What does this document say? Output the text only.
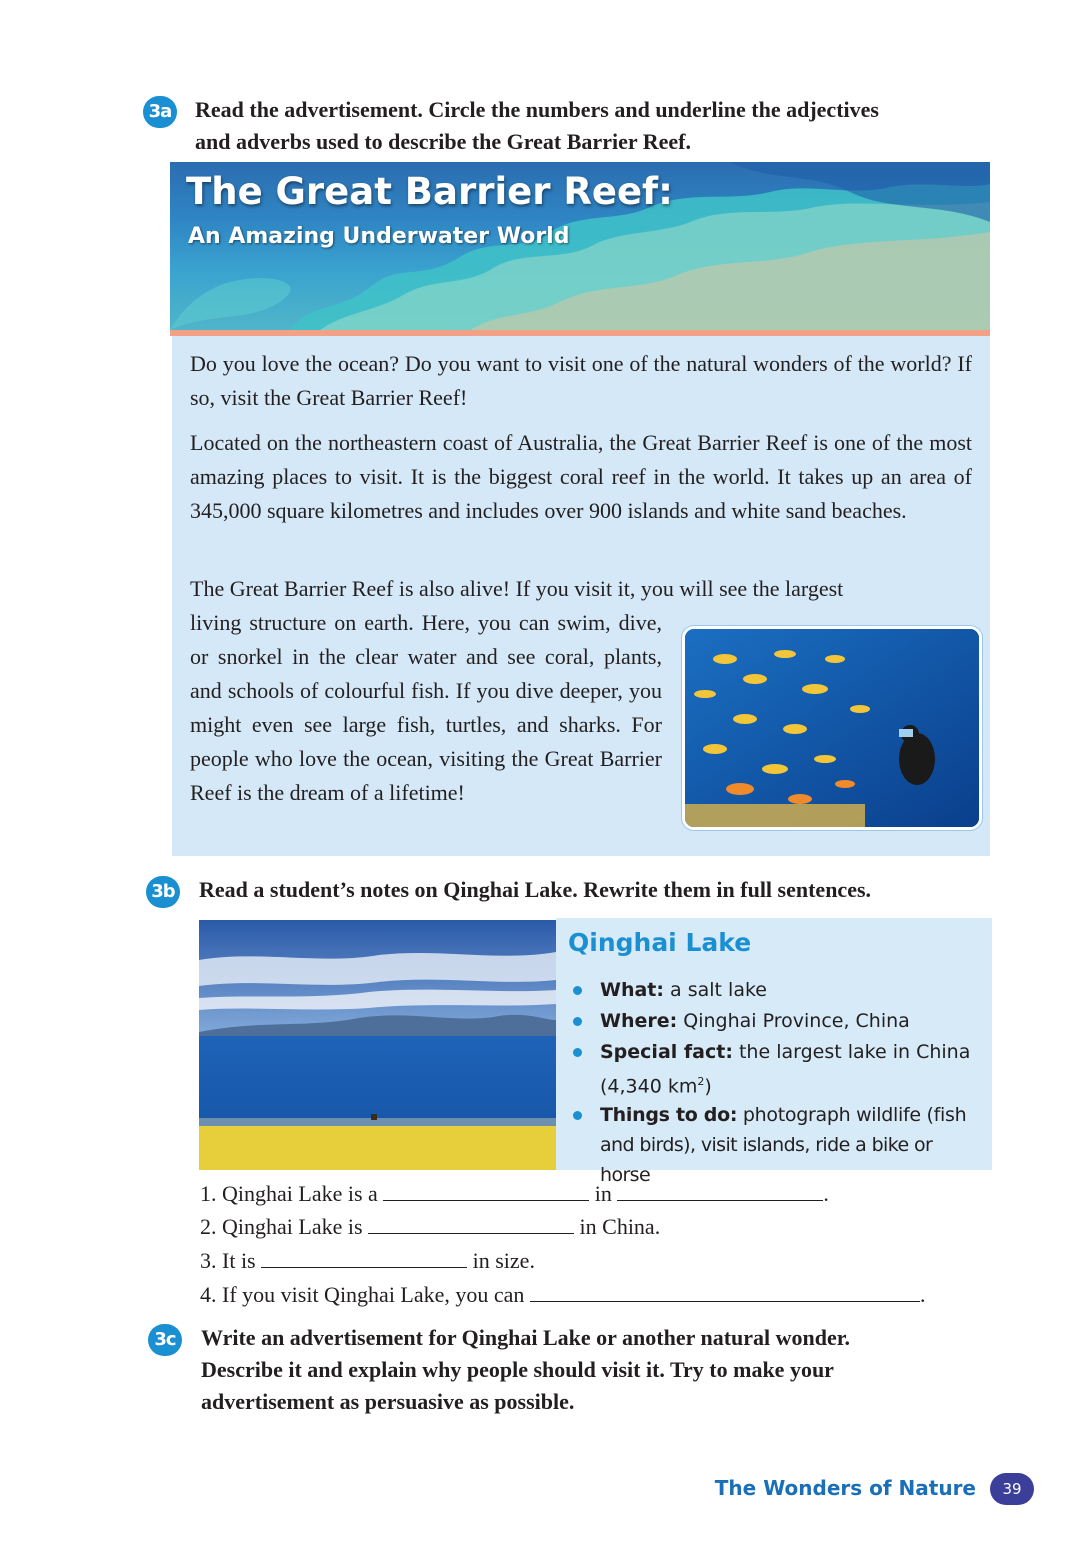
3a Read the advertisement. Circle the numbers and underline the adjectives
and adverbs used to describe the Great Barrier Reef.
The Great Barrier Reef:
An Amazing Underwater World

Do you love the ocean? Do you want to visit one of the natural wonders of the world? If so, visit the Great Barrier Reef!

Located on the northeastern coast of Australia, the Great Barrier Reef is one of the most amazing places to visit. It is the biggest coral reef in the world. It takes up an area of 345,000 square kilometres and includes over 900 islands and white sand beaches.

The Great Barrier Reef is also alive! If you visit it, you will see the largest

living structure on earth. Here, you can swim, dive, or snorkel in the clear water and see coral, plants, and schools of colourful fish. If you dive deeper, you might even see large fish, turtles, and sharks. For people who love the ocean, visiting the Great Barrier Reef is the dream of a lifetime!

3b Read a student’s notes on Qinghai Lake. Rewrite them in full sentences.
Qinghai Lake
What: a salt lake
Where: Qinghai Province, China
Special fact: the largest lake in China
(4,340 $km^2$)
Things to do: photograph wildlife (fish
and birds), visit islands, ride a bike or horse
1. Qinghai Lake is a	in	.
2. Qinghai Lake is	in China.
3. It is	in size.
4. If you visit Qinghai Lake, you can	.
3c Write an advertisement for Qinghai Lake or another natural wonder.
Describe it and explain why people should visit it. Try to make your
advertisement as persuasive as possible.
The Wonders of Nature	39
